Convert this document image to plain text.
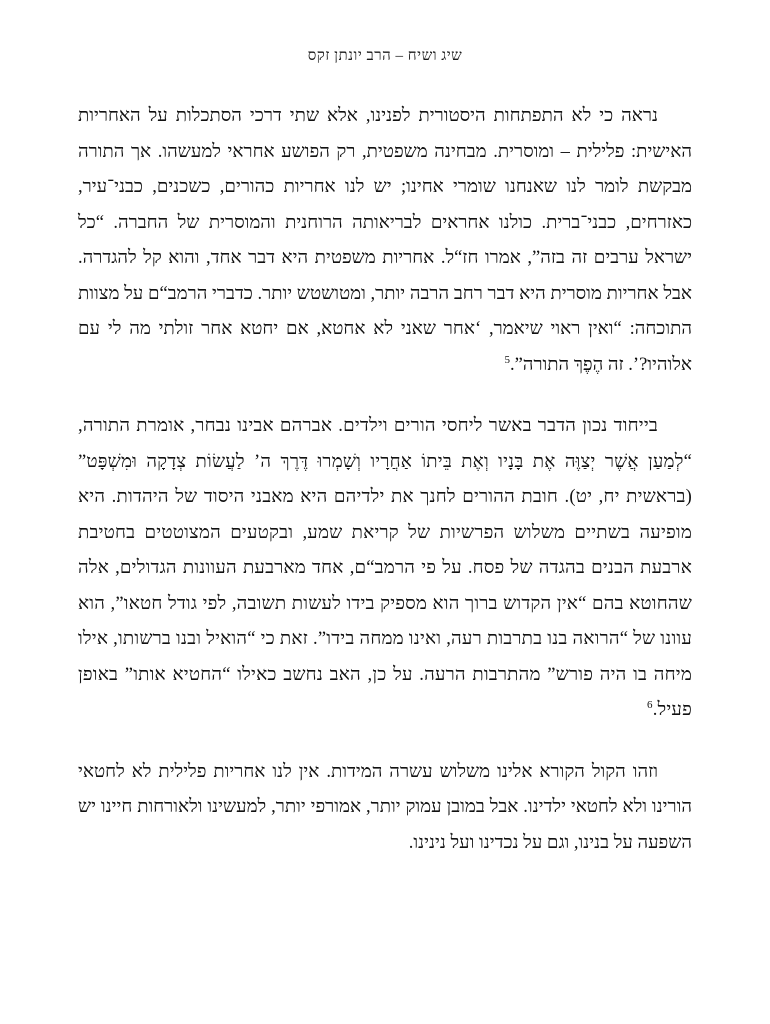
שיג ושיח – הרב יונתן זקס

נראה כי לא התפתחות היסטורית לפנינו, אלא שתי דרכי הסתכלות על האחריות האישית: פלילית – ומוסרית. מבחינה משפטית, רק הפושע אחראי למעשהו. אך התורה מבקשת לומר לנו שאנחנו שומרי אחינו; יש לנו אחריות כהורים, כשכנים, כבני־עיר, כאזרחים, כבני־ברית. כולנו אחראים לבריאותה הרוחנית והמוסרית של החברה. “כל ישראל ערבים זה בזה”, אמרו חז“ל. אחריות משפטית היא דבר אחד, והוא קל להגדרה. אבל אחריות מוסרית היא דבר רחב הרבה יותר, ומטושטש יותר. כדברי הרמב“ם על מצוות התוכחה: “ואין ראוי שיאמר, ‘אחר שאני לא אחטא, אם יחטא אחר זולתי מה לי עם אלוהיו?’. זה הֶפֶךְ התורה”.$^5$

בייחוד נכון הדבר באשר ליחסי הורים וילדים. אברהם אבינו נבחר, אומרת התורה, “לְמַעַן אֲשֶׁר יְצַוֶּה אֶת בָּנָיו וְאֶת בֵּיתוֹ אַחֲרָיו וְשָׁמְרוּ דֶּרֶךְ ה’ לַעֲשׂוֹת צְדָקָה וּמִשְׁפָּט” (בראשית יח, יט). חובת ההורים לחנך את ילדיהם היא מאבני היסוד של היהדות. היא מופיעה בשתיים משלוש הפרשיות של קריאת שמע, ובקטעים המצוטטים בחטיבת ארבעת הבנים בהגדה של פסח. על פי הרמב“ם, אחד מארבעת העוונות הגדולים, אלה שהחוטא בהם “אין הקדוש ברוך הוא מספיק בידו לעשות תשובה, לפי גודל חטאו”, הוא עוונו של “הרואה בנו בתרבות רעה, ואינו ממחה בידו”. זאת כי “הואיל ובנו ברשותו, אילו מיחה בו היה פורש” מהתרבות הרעה. על כן, האב נחשב כאילו “החטיא אותו” באופן פעיל.$^6$

וזהו הקול הקורא אלינו משלוש עשרה המידות. אין לנו אחריות פלילית לא לחטאי הורינו ולא לחטאי ילדינו. אבל במובן עמוק יותר, אמורפי יותר, למעשינו ולאורחות חיינו יש השפעה על בנינו, וגם על נכדינו ועל נינינו.
